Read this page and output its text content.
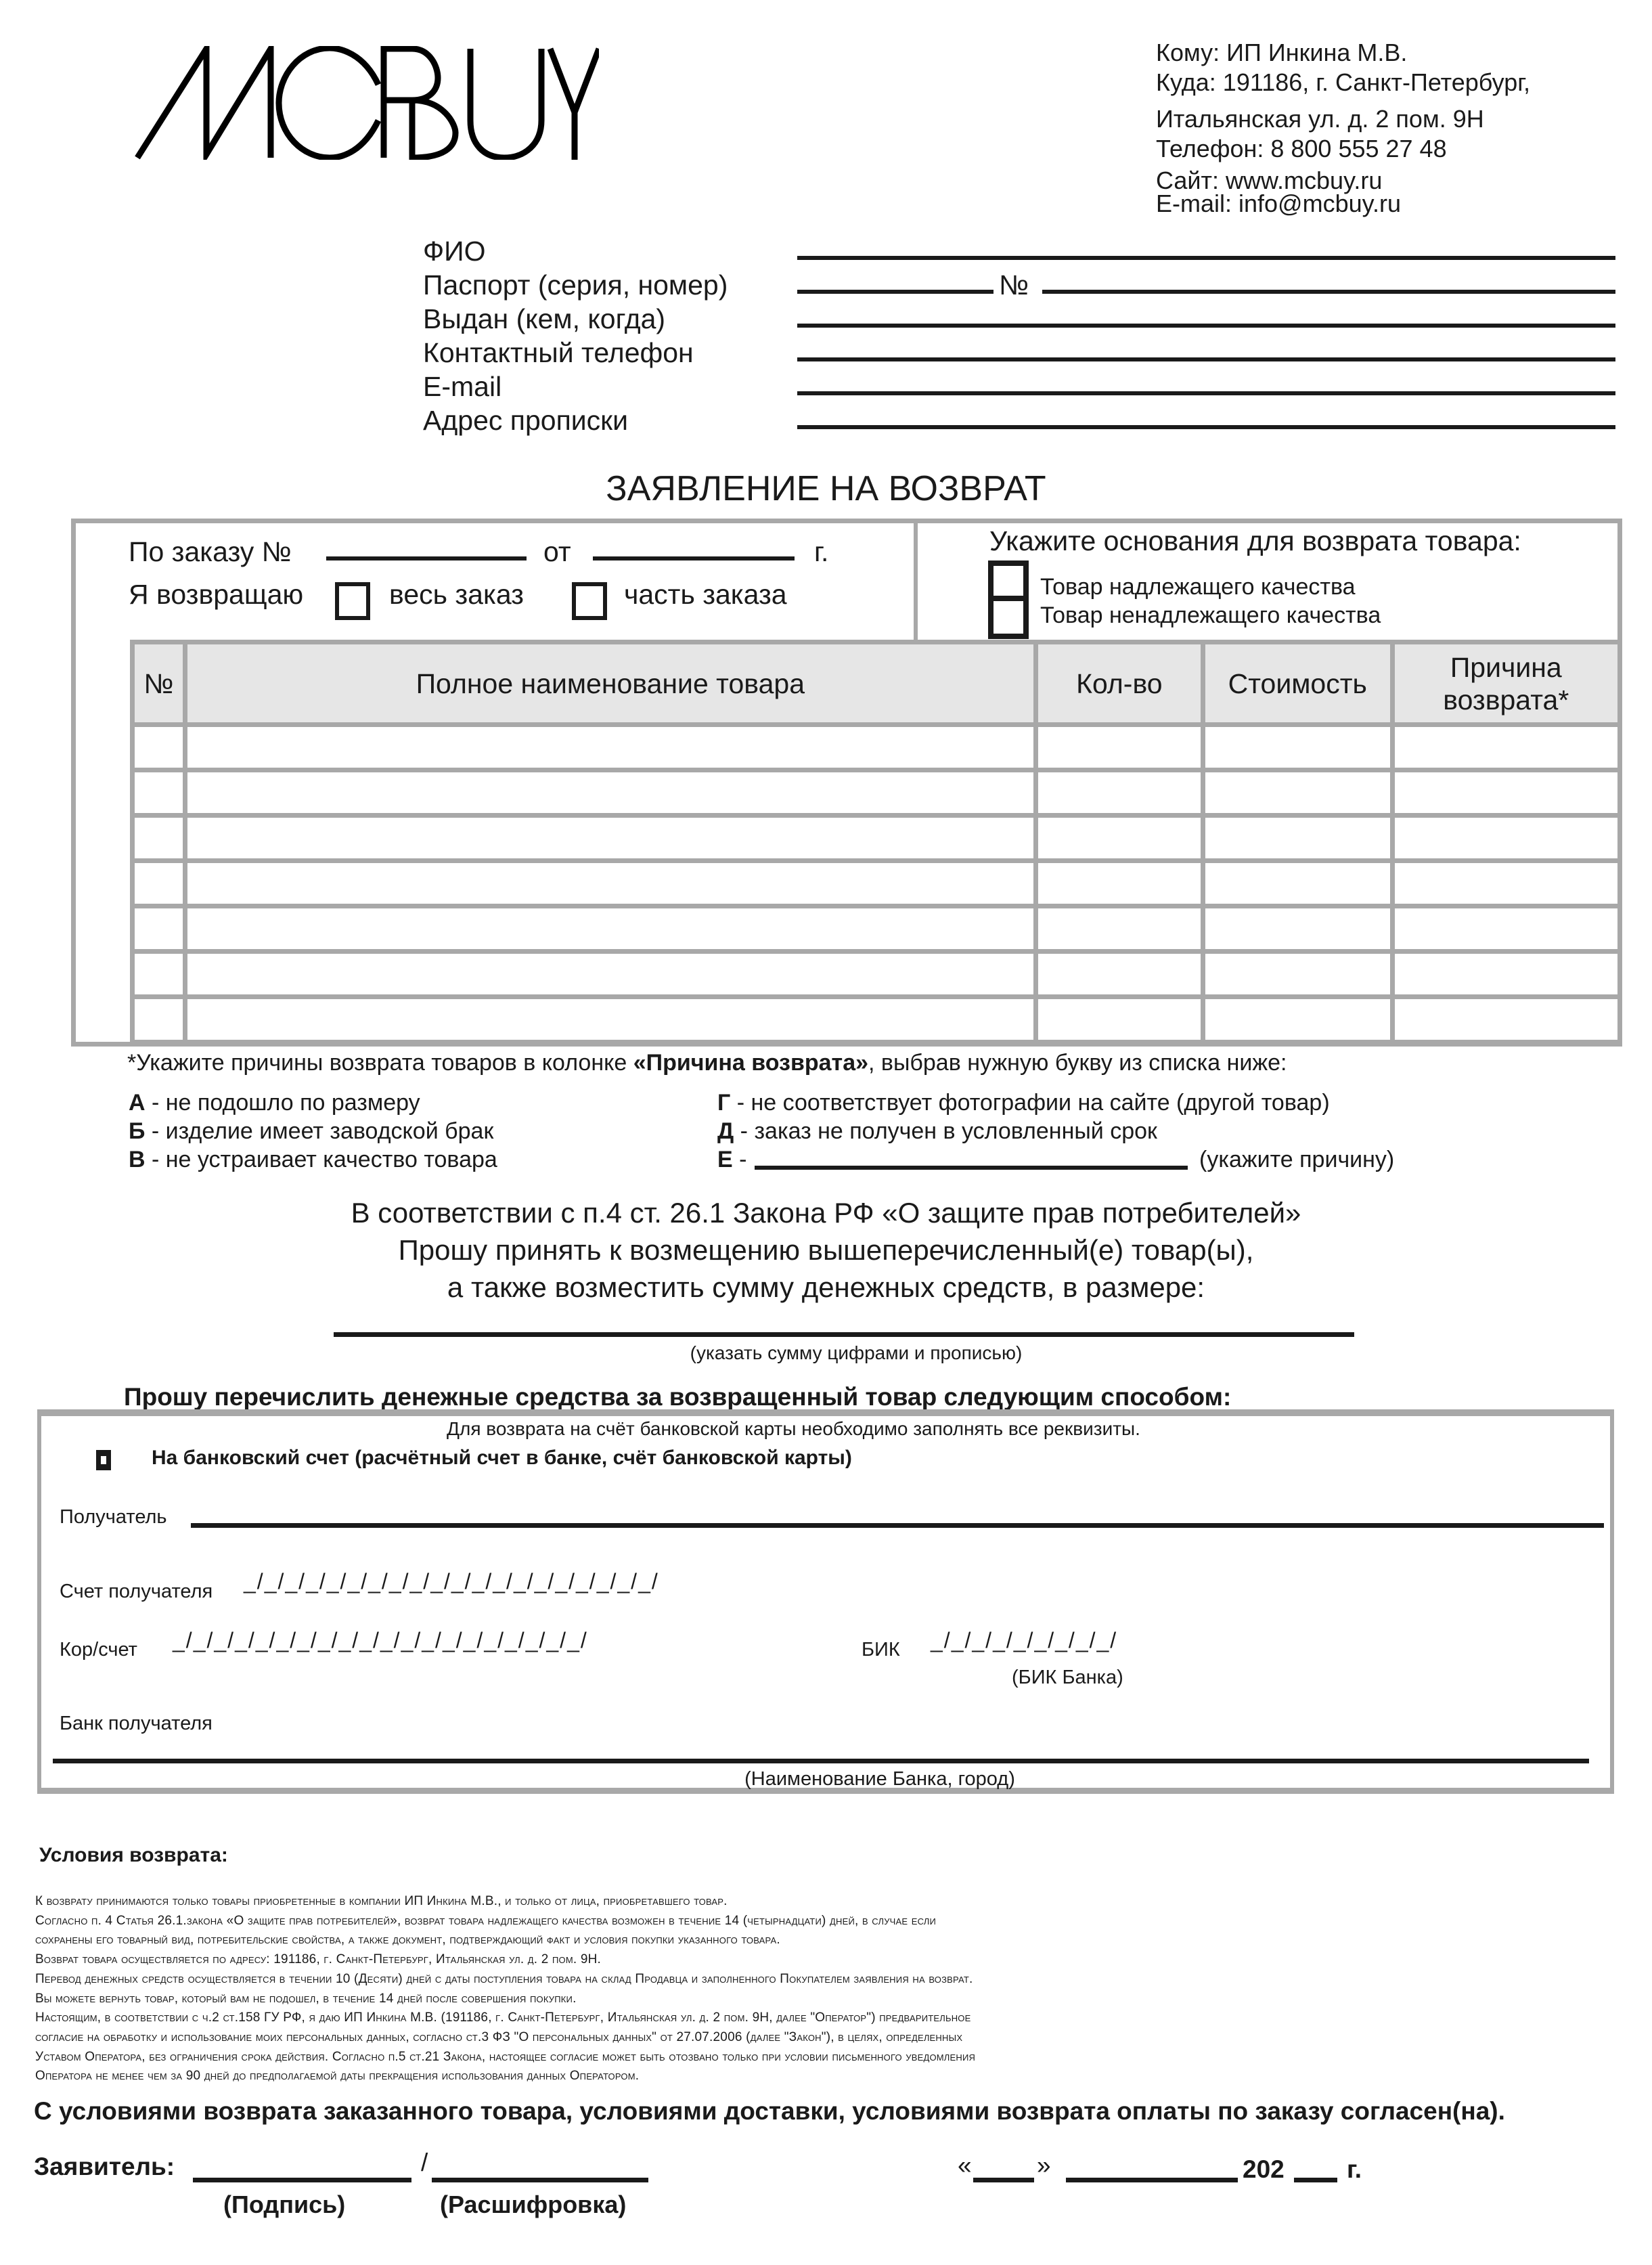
Кому: ИП Инкина М.В.
Куда: 191186, г. Санкт-Петербург,
Итальянская ул. д. 2 пом. 9Н
Телефон: 8 800 555 27 48
Сайт: www.mcbuy.ru
E-mail: info@mcbuy.ru
ФИО
Паспорт (серия, номер)	№
Выдан (кем, когда)
Контактный телефон
E-mail
Адрес прописки
ЗАЯВЛЕНИЕ НА ВОЗВРАТ
По заказу №	от	г.
Я возвращаю	весь заказ	часть заказа
Укажите основания для возврата товара:
Товар надлежащего качества
Товар ненадлежащего качества
№	Полное наименование товара	Кол-во	Стоимость	Причина возврата*

*Укажите причины возврата товаров в колонке «Причина возврата», выбрав нужную букву из списка ниже:
А - не подошло по размеру
Б - изделие имеет заводской брак
В - не устраивает качество товара
Г - не соответствует фотографии на сайте (другой товар)
Д - заказ не получен в условленный срок
Е -	(укажите причину)
В соответствии с п.4 ст. 26.1 Закона РФ «О защите прав потребителей»
Прошу принять к возмещению вышеперечисленный(е) товар(ы),
а также возместить сумму денежных средств, в размере:
(указать сумму цифрами и прописью)
Прошу перечислить денежные средства за возвращенный товар следующим способом:
Для возврата на счёт банковской карты необходимо заполнять все реквизиты.
На банковский счет (расчётный счет в банке, счёт банковской карты)
Получатель
Счет получателя _/_/_/_/_/_/_/_/_/_/_/_/_/_/_/_/_/_/_/_/
Кор/счет _/_/_/_/_/_/_/_/_/_/_/_/_/_/_/_/_/_/_/_/	БИК _/_/_/_/_/_/_/_/_/
(БИК Банка)
Банк получателя
(Наименование Банка, город)
Условия возврата:
К возврату принимаются только товары приобретенные в компании ИП Инкина М.В., и только от лица, приобретавшего товар.
Согласно п. 4 Статья 26.1.закона «О защите прав потребителей», возврат товара надлежащего качества возможен в течение 14 (четырнадцати) дней, в случае если
сохранены его товарный вид, потребительские свойства, а также документ, подтверждающий факт и условия покупки указанного товара.
Возврат товара осуществляется по адресу: 191186, г. Санкт-Петербург, Итальянская ул. д. 2 пом. 9Н.
Перевод денежных средств осуществляется в течении 10 (Десяти) дней с даты поступления товара на склад Продавца и заполненного Покупателем заявления на возврат.
Вы можете вернуть товар, который вам не подошел, в течение 14 дней после совершения покупки.
Настоящим, в соответствии с ч.2 ст.158 ГУ РФ, я даю ИП Инкина М.В. (191186, г. Санкт-Петербург, Итальянская ул. д. 2 пом. 9Н, далее "Оператор") предварительное
согласие на обработку и использование моих персональных данных, согласно ст.3 ФЗ "О персональных данных" от 27.07.2006 (далее "Закон"), в целях, определенных
Уставом Оператора, без ограничения срока действия. Согласно п.5 ст.21 Закона, настоящее согласие может быть отозвано только при условии письменного уведомления
Оператора не менее чем за 90 дней до предполагаемой даты прекращения использования данных Оператором.
С условиями возврата заказанного товара, условиями доставки, условиями возврата оплаты по заказу согласен(на).
Заявитель:	/
(Подпись)	(Расшифровка)
«	»	202 г.
